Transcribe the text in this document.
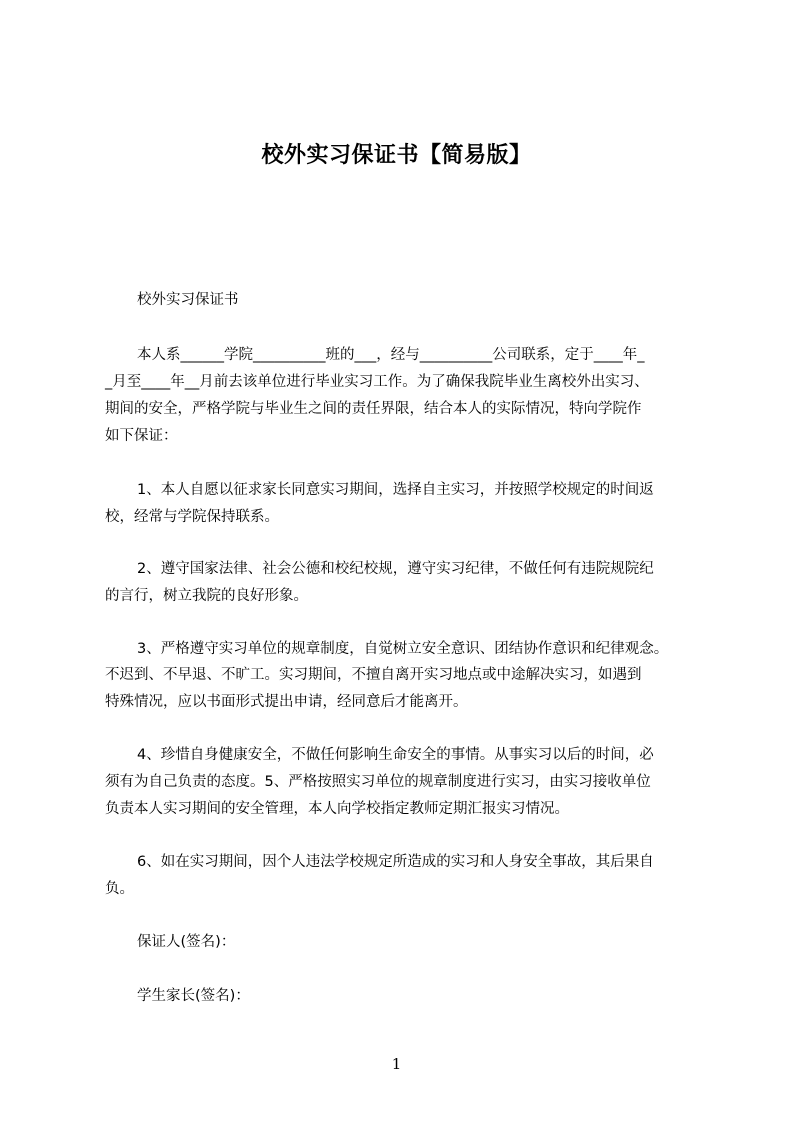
校外实习保证书【简易版】
校外实习保证书
本人系______学院__________班的___，经与__________公司联系，定于____年_
_月至____年__月前去该单位进行毕业实习工作。为了确保我院毕业生离校外出实习、
期间的安全，严格学院与毕业生之间的责任界限，结合本人的实际情况，特向学院作
如下保证：
1、本人自愿以征求家长同意实习期间，选择自主实习，并按照学校规定的时间返
校，经常与学院保持联系。
2、遵守国家法律、社会公德和校纪校规，遵守实习纪律，不做任何有违院规院纪
的言行，树立我院的良好形象。
3、严格遵守实习单位的规章制度，自觉树立安全意识、团结协作意识和纪律观念。
不迟到、不早退、不旷工。实习期间，不擅自离开实习地点或中途解决实习，如遇到
特殊情况，应以书面形式提出申请，经同意后才能离开。
4、珍惜自身健康安全，不做任何影响生命安全的事情。从事实习以后的时间，必
须有为自己负责的态度。5、严格按照实习单位的规章制度进行实习，由实习接收单位
负责本人实习期间的安全管理，本人向学校指定教师定期汇报实习情况。
6、如在实习期间，因个人违法学校规定所造成的实习和人身安全事故，其后果自
负。
保证人(签名)：
学生家长(签名)：
1
